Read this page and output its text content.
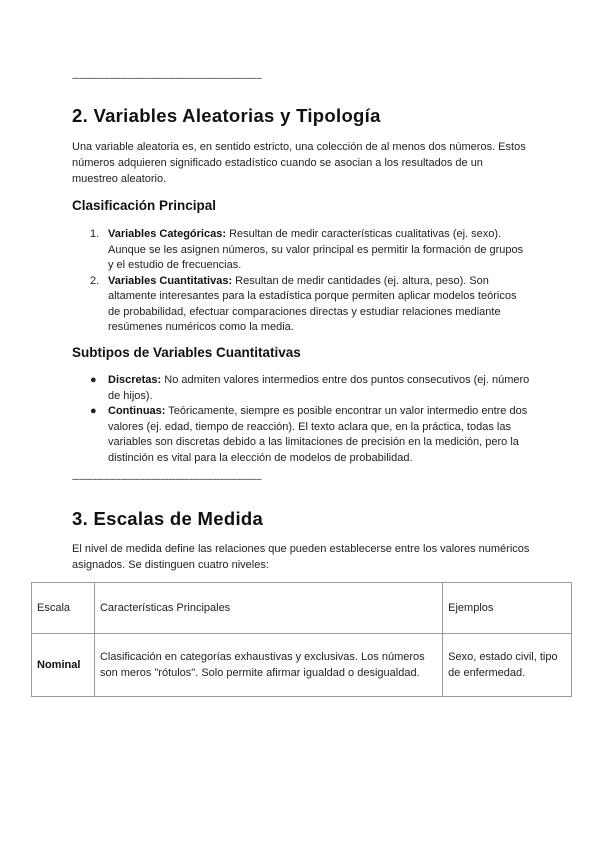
-------------------------------------------------------------------------------
2. Variables Aleatorias y Tipología

Una variable aleatoria es, en sentido estricto, una colección de al menos dos números. Estos números adquieren significado estadístico cuando se asocian a los resultados de un muestreo aleatorio.

Clasificación Principal
1. Variables Categóricas: Resultan de medir características cualitativas (ej. sexo). Aunque se les asignen números, su valor principal es permitir la formación de grupos y el estudio de frecuencias.
2. Variables Cuantitativas: Resultan de medir cantidades (ej. altura, peso). Son altamente interesantes para la estadística porque permiten aplicar modelos teóricos de probabilidad, efectuar comparaciones directas y estudiar relaciones mediante resúmenes numéricos como la media.
Subtipos de Variables Cuantitativas
● Discretas: No admiten valores intermedios entre dos puntos consecutivos (ej. número de hijos).
● Continuas: Teóricamente, siempre es posible encontrar un valor intermedio entre dos valores (ej. edad, tiempo de reacción). El texto aclara que, en la práctica, todas las variables son discretas debido a las limitaciones de precisión en la medición, pero la distinción es vital para la elección de modelos de probabilidad.
-------------------------------------------------------------------------------
3. Escalas de Medida

El nivel de medida define las relaciones que pueden establecerse entre los valores numéricos asignados. Se distinguen cuatro niveles:

Escala	Características Principales	Ejemplos
Nominal	Clasificación en categorías exhaustivas y exclusivas. Los números son meros "rótulos". Solo permite afirmar igualdad o desigualdad.	Sexo, estado civil, tipo de enfermedad.
